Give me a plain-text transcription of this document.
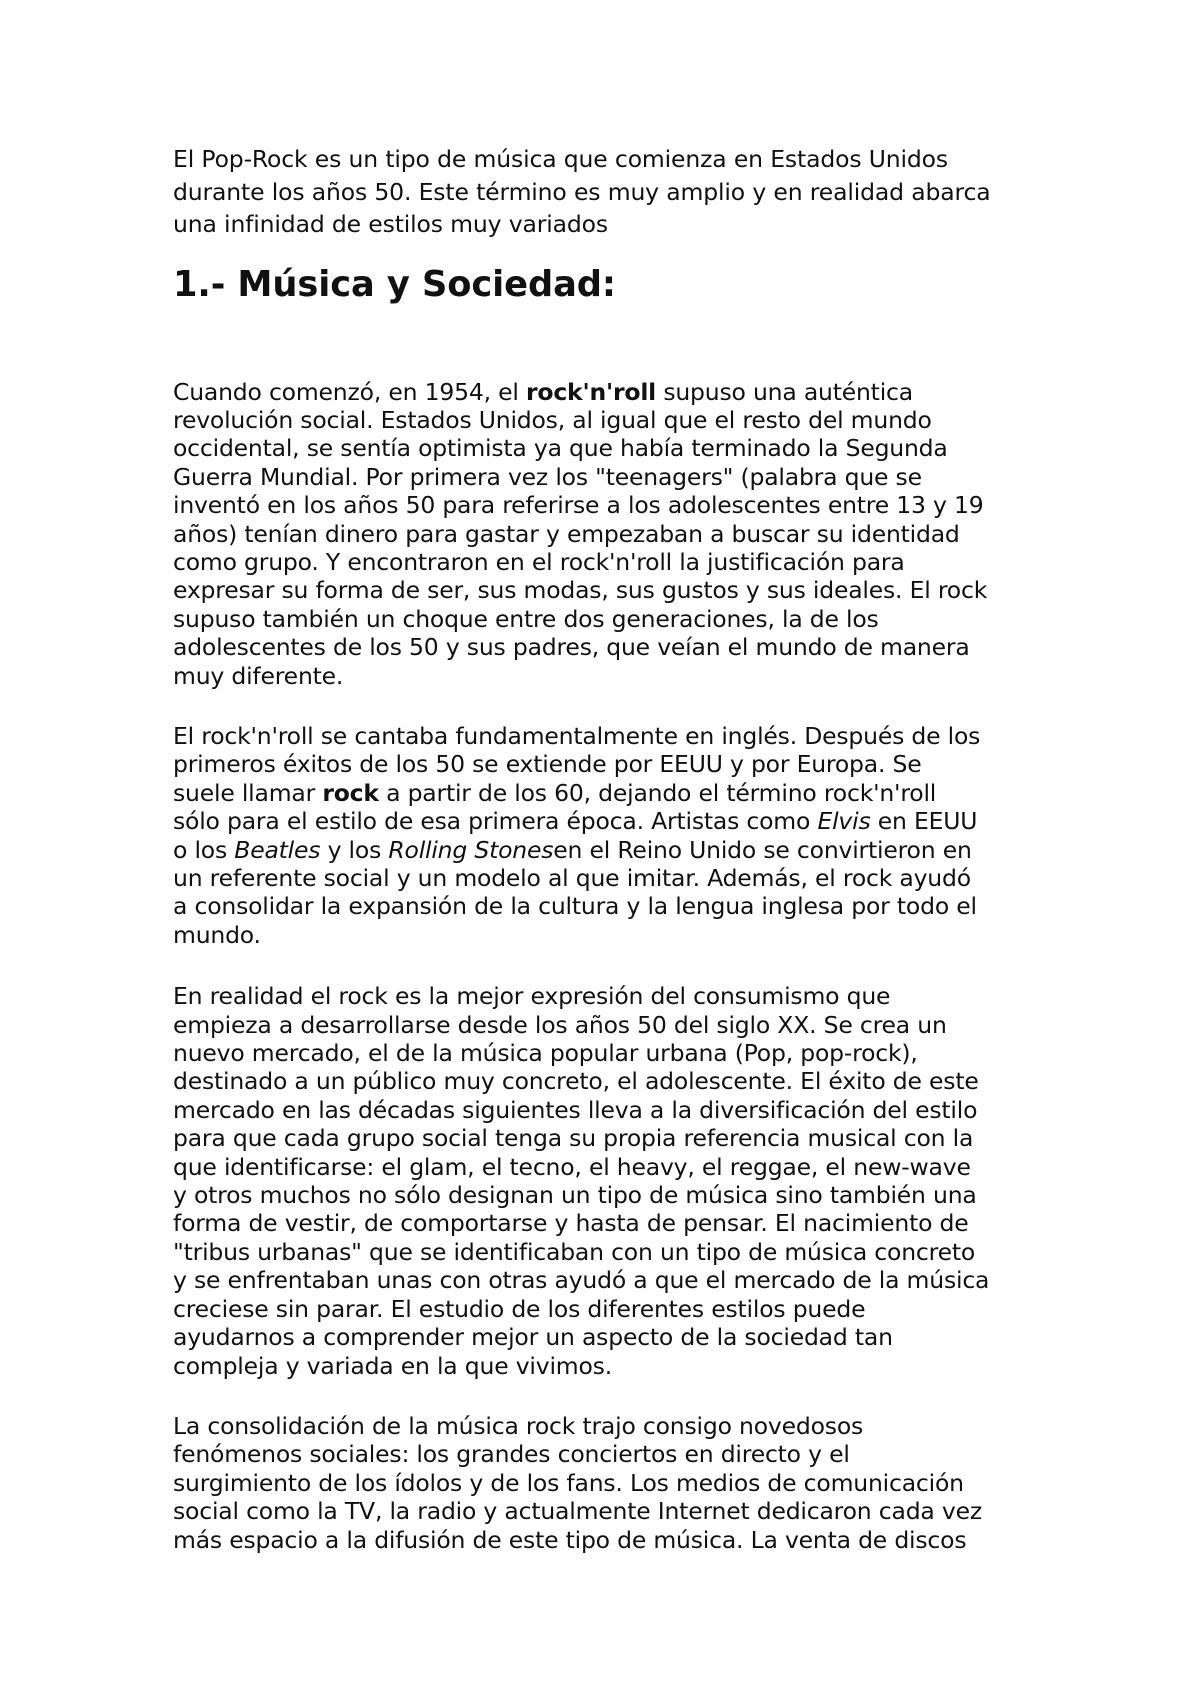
El Pop-Rock es un tipo de música que comienza en Estados Unidos
durante los años 50. Este término es muy amplio y en realidad abarca
una infinidad de estilos muy variados

1.- Música y Sociedad:

Cuando comenzó, en 1954, el rock'n'roll supuso una auténtica
revolución social. Estados Unidos, al igual que el resto del mundo
occidental, se sentía optimista ya que había terminado la Segunda
Guerra Mundial. Por primera vez los "teenagers" (palabra que se
inventó en los años 50 para referirse a los adolescentes entre 13 y 19
años) tenían dinero para gastar y empezaban a buscar su identidad
como grupo. Y encontraron en el rock'n'roll la justificación para
expresar su forma de ser, sus modas, sus gustos y sus ideales. El rock
supuso también un choque entre dos generaciones, la de los
adolescentes de los 50 y sus padres, que veían el mundo de manera
muy diferente.

El rock'n'roll se cantaba fundamentalmente en inglés. Después de los
primeros éxitos de los 50 se extiende por EEUU y por Europa. Se
suele llamar rock a partir de los 60, dejando el término rock'n'roll
sólo para el estilo de esa primera época. Artistas como Elvis en EEUU
o los Beatles y los Rolling Stonesen el Reino Unido se convirtieron en
un referente social y un modelo al que imitar. Además, el rock ayudó
a consolidar la expansión de la cultura y la lengua inglesa por todo el
mundo.

En realidad el rock es la mejor expresión del consumismo que
empieza a desarrollarse desde los años 50 del siglo XX. Se crea un
nuevo mercado, el de la música popular urbana (Pop, pop-rock),
destinado a un público muy concreto, el adolescente. El éxito de este
mercado en las décadas siguientes lleva a la diversificación del estilo
para que cada grupo social tenga su propia referencia musical con la
que identificarse: el glam, el tecno, el heavy, el reggae, el new-wave
y otros muchos no sólo designan un tipo de música sino también una
forma de vestir, de comportarse y hasta de pensar. El nacimiento de
"tribus urbanas" que se identificaban con un tipo de música concreto
y se enfrentaban unas con otras ayudó a que el mercado de la música
creciese sin parar. El estudio de los diferentes estilos puede
ayudarnos a comprender mejor un aspecto de la sociedad tan
compleja y variada en la que vivimos.

La consolidación de la música rock trajo consigo novedosos
fenómenos sociales: los grandes conciertos en directo y el
surgimiento de los ídolos y de los fans. Los medios de comunicación
social como la TV, la radio y actualmente Internet dedicaron cada vez
más espacio a la difusión de este tipo de música. La venta de discos
